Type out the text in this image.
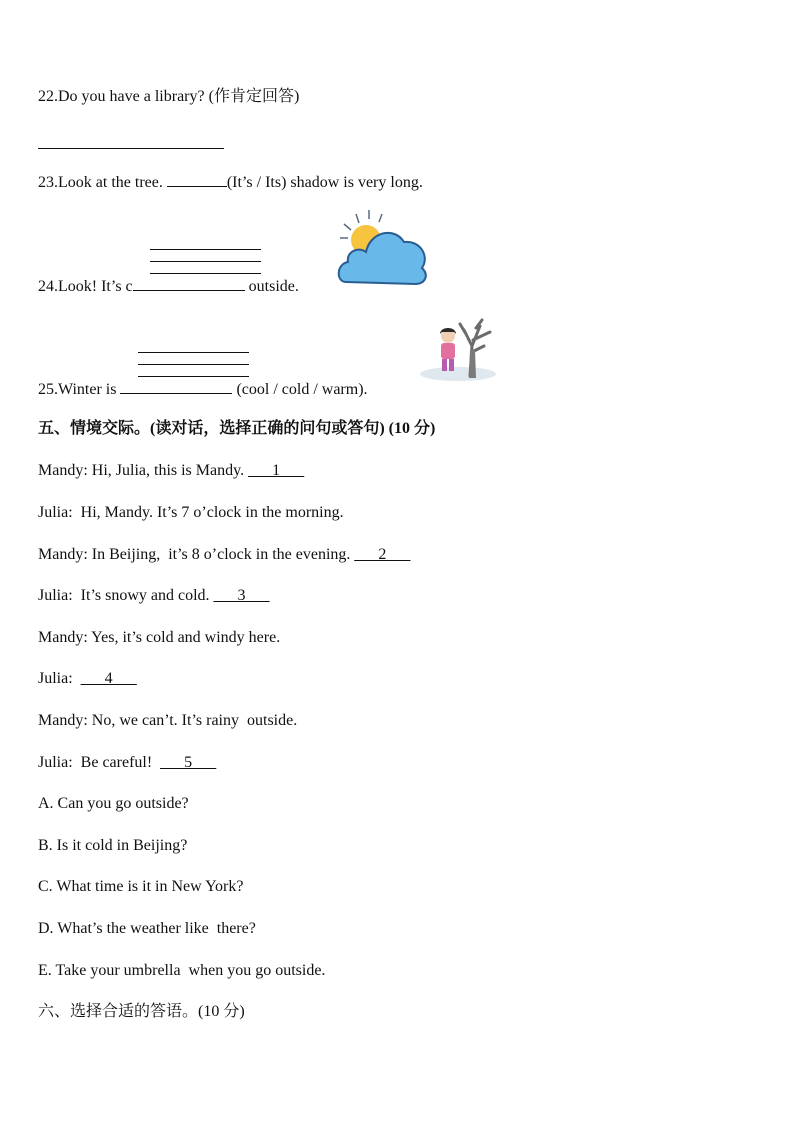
22.Do you have a library? (作肯定回答)
23.Look at the tree.	(It’s / Its) shadow is very long.
24.Look! It’s c	outside.
25.Winter is	(cool / cold / warm).
五、情境交际。(读对话，选择正确的问句或答句) (10 分)
Mandy: Hi, Julia, this is Mandy. ___1___
Julia:  Hi, Mandy. It’s 7 o’clock in the morning.
Mandy: In Beijing,  it’s 8 o’clock in the evening. ___2___
Julia:  It’s snowy and cold. ___3___
Mandy: Yes, it’s cold and windy here.
Julia:  ___4___
Mandy: No, we can’t. It’s rainy  outside.
Julia:  Be careful!  ___5___
A. Can you go outside?
B. Is it cold in Beijing?
C. What time is it in New York?
D. What’s the weather like  there?
E. Take your umbrella  when you go outside.
六、选择合适的答语。(10 分)
